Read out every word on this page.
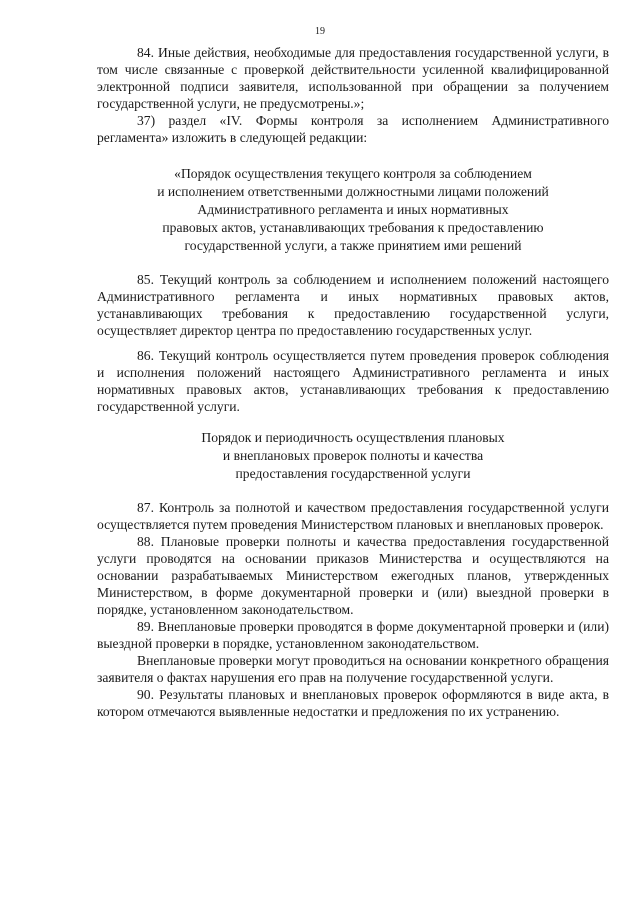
19

84. Иные действия, необходимые для предоставления государственной услуги, в том числе связанные с проверкой действительности усиленной квалифицированной электронной подписи заявителя, использованной при обращении за получением государственной услуги, не предусмотрены.»;

37) раздел «IV. Формы контроля за исполнением Административного регламента» изложить в следующей редакции:

«Порядок осуществления текущего контроля за соблюдением
и исполнением ответственными должностными лицами положений
Административного регламента и иных нормативных
правовых актов, устанавливающих требования к предоставлению
государственной услуги, а также принятием ими решений

85. Текущий контроль за соблюдением и исполнением положений настоящего Административного регламента и иных нормативных правовых актов, устанавливающих требования к предоставлению государственной услуги, осуществляет директор центра по предоставлению государственных услуг.

86. Текущий контроль осуществляется путем проведения проверок соблюдения и исполнения положений настоящего Административного регламента и иных нормативных правовых актов, устанавливающих требования к предоставлению государственной услуги.

Порядок и периодичность осуществления плановых
и внеплановых проверок полноты и качества
предоставления государственной услуги

87. Контроль за полнотой и качеством предоставления государственной услуги осуществляется путем проведения Министерством плановых и внеплановых проверок.

88. Плановые проверки полноты и качества предоставления государственной услуги проводятся на основании приказов Министерства и осуществляются на основании разрабатываемых Министерством ежегодных планов, утвержденных Министерством, в форме документарной проверки и (или) выездной проверки в порядке, установленном законодательством.

89. Внеплановые проверки проводятся в форме документарной проверки и (или) выездной проверки в порядке, установленном законодательством.

Внеплановые проверки могут проводиться на основании конкретного обращения заявителя о фактах нарушения его прав на получение государственной услуги.

90. Результаты плановых и внеплановых проверок оформляются в виде акта, в котором отмечаются выявленные недостатки и предложения по их устранению.
